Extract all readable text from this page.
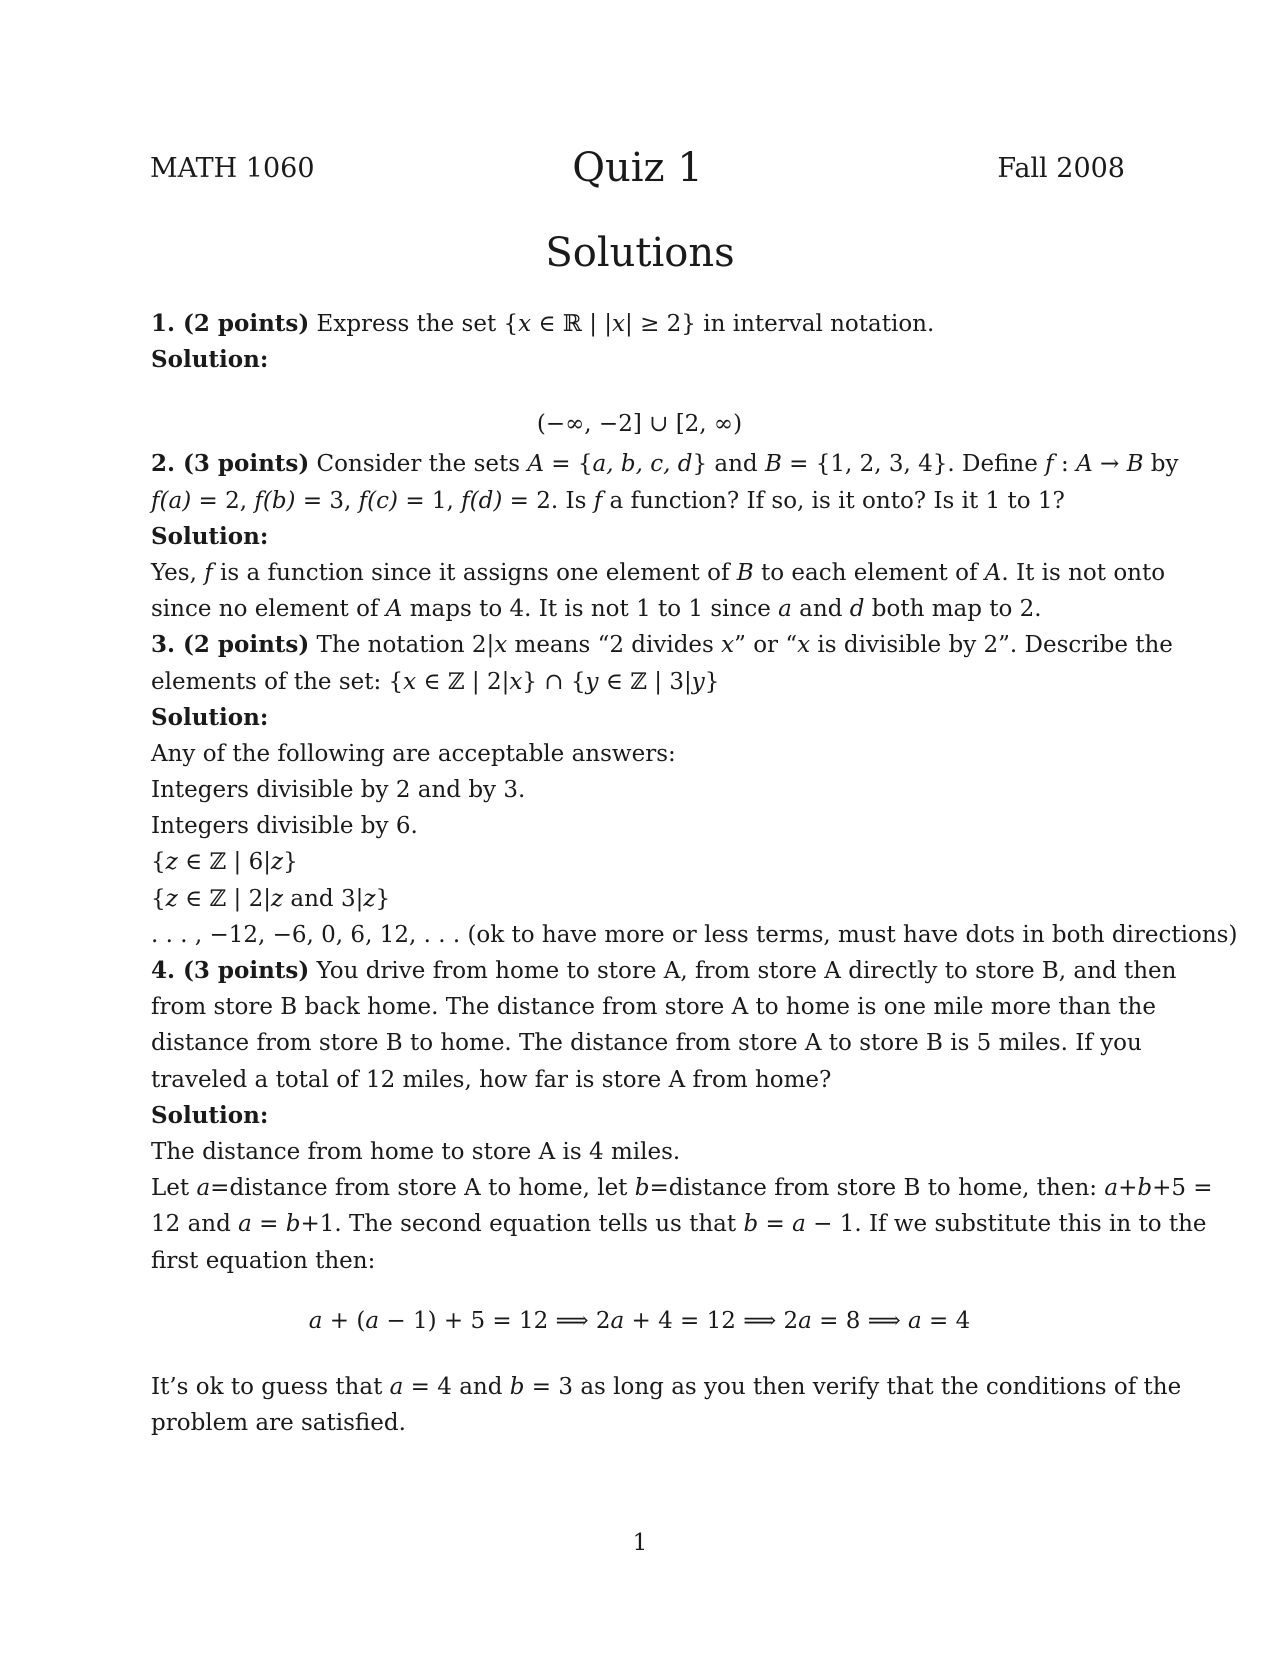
MATH 1060	Quiz 1	Fall 2008
Solutions
1. (2 points) Express the set {x ∈ ℝ | |x| ≥ 2} in interval notation.
Solution:
(−∞, −2] ∪ [2, ∞)
2. (3 points) Consider the sets A = {a, b, c, d} and B = {1, 2, 3, 4}. Define f : A → B by
f(a) = 2, f(b) = 3, f(c) = 1, f(d) = 2. Is f a function? If so, is it onto? Is it 1 to 1?
Solution:
Yes, f is a function since it assigns one element of B to each element of A. It is not onto
since no element of A maps to 4. It is not 1 to 1 since a and d both map to 2.
3. (2 points) The notation 2|x means “2 divides x” or “x is divisible by 2”. Describe the
elements of the set: {x ∈ ℤ | 2|x} ∩ {y ∈ ℤ | 3|y}
Solution:
Any of the following are acceptable answers:
Integers divisible by 2 and by 3.
Integers divisible by 6.
{z ∈ ℤ | 6|z}
{z ∈ ℤ | 2|z and 3|z}
. . . , −12, −6, 0, 6, 12, . . . (ok to have more or less terms, must have dots in both directions)
4. (3 points) You drive from home to store A, from store A directly to store B, and then
from store B back home. The distance from store A to home is one mile more than the
distance from store B to home. The distance from store A to store B is 5 miles. If you
traveled a total of 12 miles, how far is store A from home?
Solution:
The distance from home to store A is 4 miles.
Let a=distance from store A to home, let b=distance from store B to home, then: a+b+5 =
12 and a = b+1. The second equation tells us that b = a − 1. If we substitute this in to the
first equation then:
a + (a − 1) + 5 = 12 ⟹ 2a + 4 = 12 ⟹ 2a = 8 ⟹ a = 4
It’s ok to guess that a = 4 and b = 3 as long as you then verify that the conditions of the
problem are satisfied.
1
